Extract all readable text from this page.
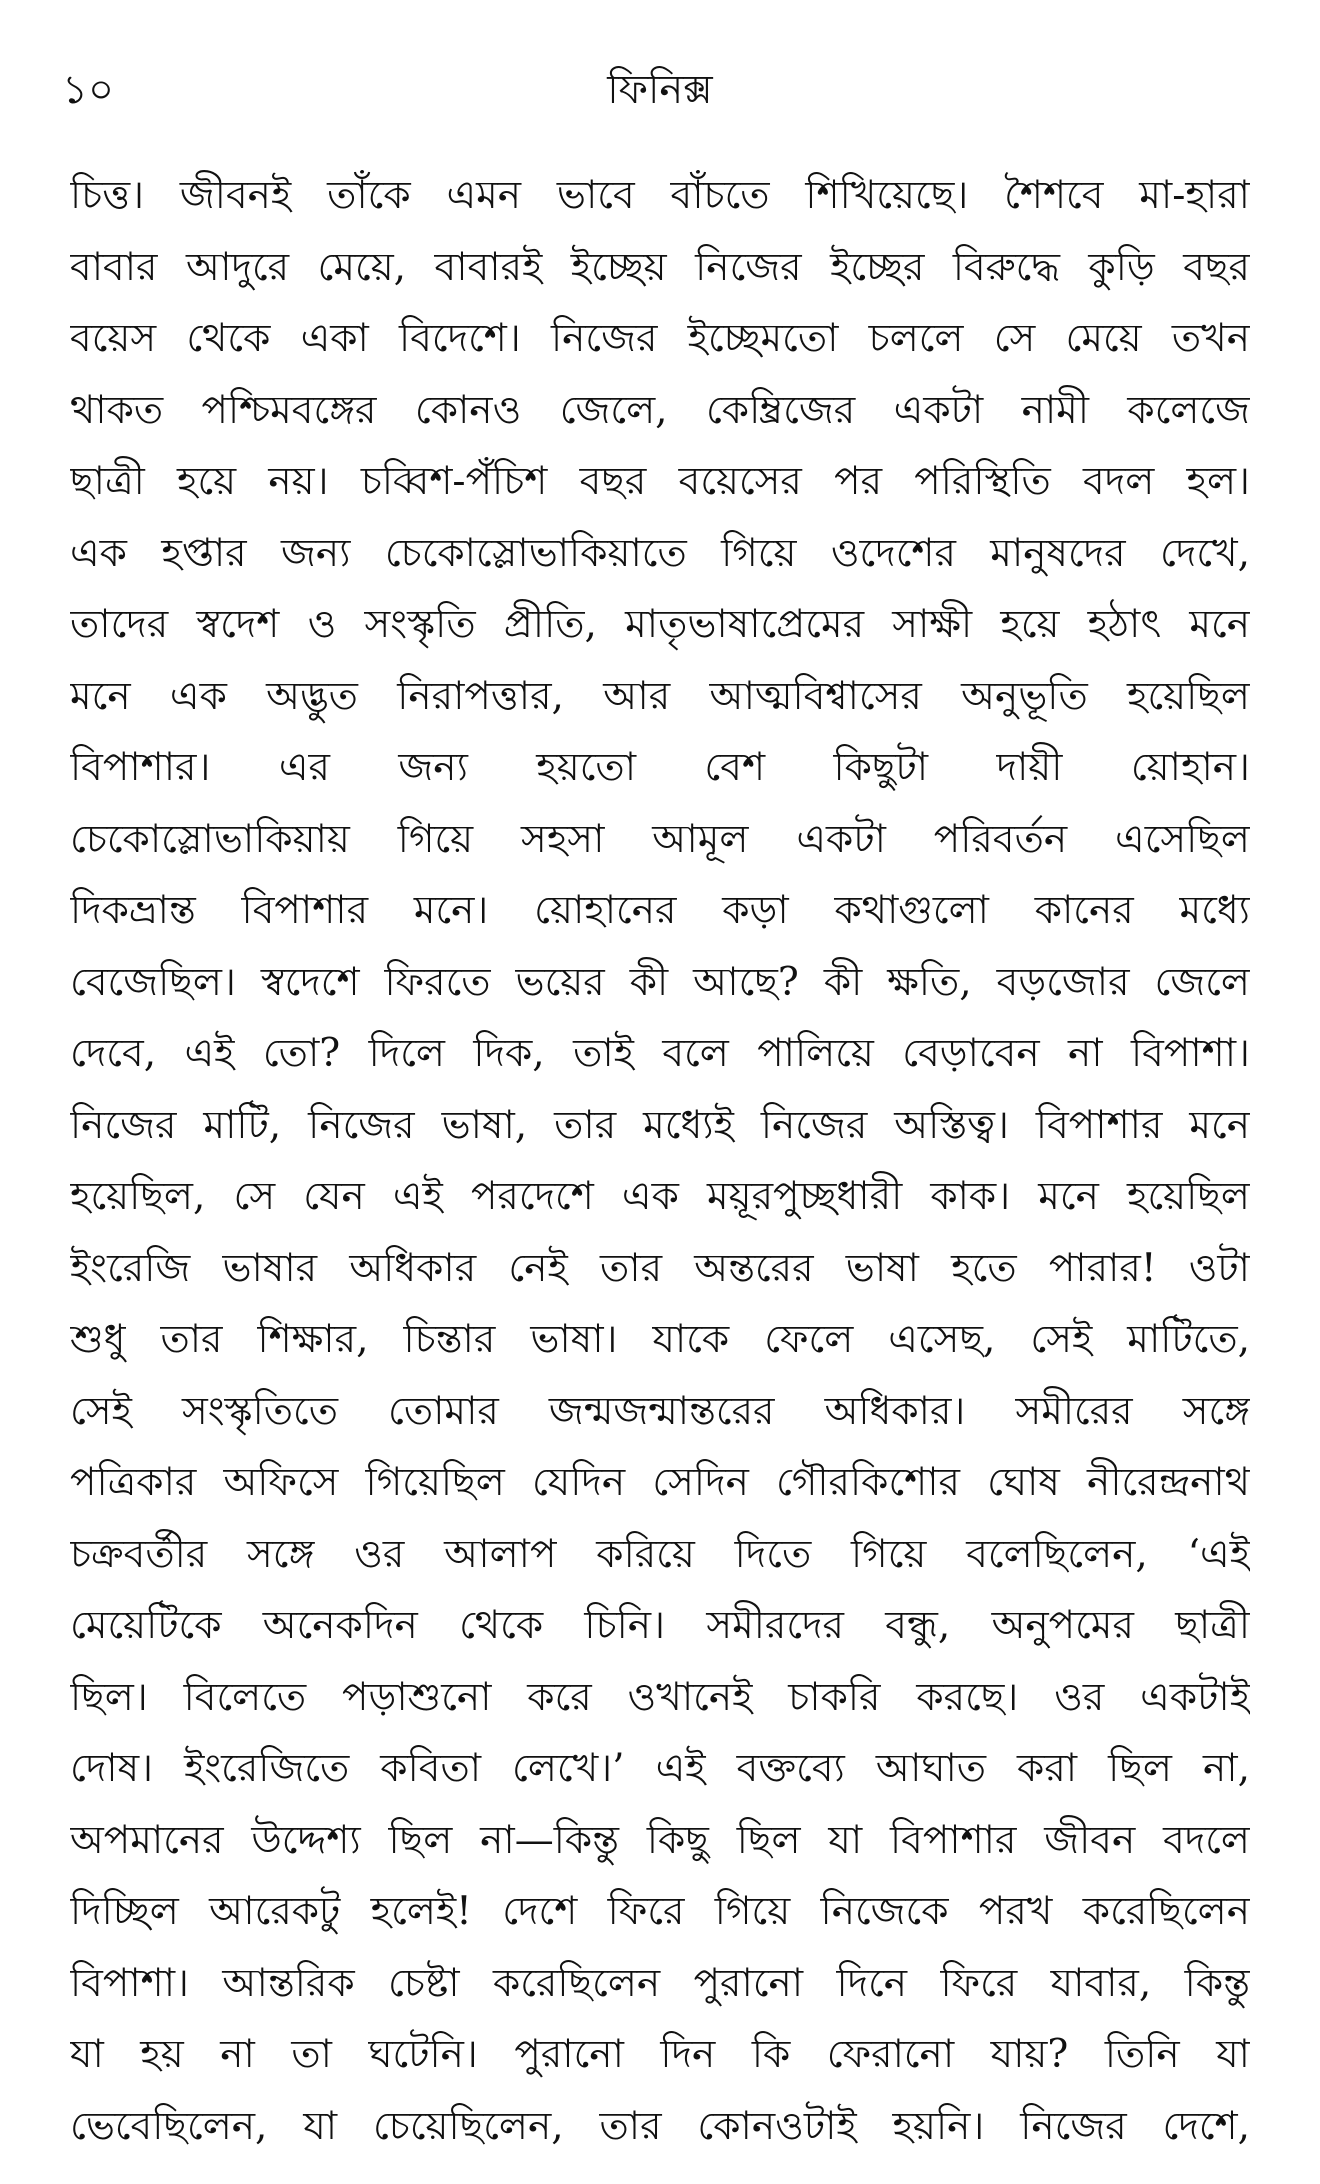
১০	ফিনিক্স

চিত্ত। জীবনই তাঁকে এমন ভাবে বাঁচতে শিখিয়েছে। শৈশবে মা-হারা
বাবার আদুরে মেয়ে, বাবারই ইচ্ছেয় নিজের ইচ্ছের বিরুদ্ধে কুড়ি বছর
বয়েস থেকে একা বিদেশে। নিজের ইচ্ছেমতো চললে সে মেয়ে তখন
থাকত পশ্চিমবঙ্গের কোনও জেলে, কেম্ব্রিজের একটা নামী কলেজে
ছাত্রী হয়ে নয়। চব্বিশ-পঁচিশ বছর বয়েসের পর পরিস্থিতি বদল হল।
এক হপ্তার জন্য চেকোস্লোভাকিয়াতে গিয়ে ওদেশের মানুষদের দেখে,
তাদের স্বদেশ ও সংস্কৃতি প্রীতি, মাতৃভাষাপ্রেমের সাক্ষী হয়ে হঠাৎ মনে
মনে এক অদ্ভুত নিরাপত্তার, আর আত্মবিশ্বাসের অনুভূতি হয়েছিল
বিপাশার। এর জন্য হয়তো বেশ কিছুটা দায়ী য়োহান।
চেকোস্লোভাকিয়ায় গিয়ে সহসা আমূল একটা পরিবর্তন এসেছিল
দিকভ্রান্ত বিপাশার মনে। য়োহানের কড়া কথাগুলো কানের মধ্যে
বেজেছিল। স্বদেশে ফিরতে ভয়ের কী আছে? কী ক্ষতি, বড়জোর জেলে
দেবে, এই তো? দিলে দিক, তাই বলে পালিয়ে বেড়াবেন না বিপাশা।
নিজের মাটি, নিজের ভাষা, তার মধ্যেই নিজের অস্তিত্ব। বিপাশার মনে
হয়েছিল, সে যেন এই পরদেশে এক ময়ূরপুচ্ছধারী কাক। মনে হয়েছিল
ইংরেজি ভাষার অধিকার নেই তার অন্তরের ভাষা হতে পারার! ওটা
শুধু তার শিক্ষার, চিন্তার ভাষা। যাকে ফেলে এসেছ, সেই মাটিতে,
সেই সংস্কৃতিতে তোমার জন্মজন্মান্তরের অধিকার। সমীরের সঙ্গে
পত্রিকার অফিসে গিয়েছিল যেদিন সেদিন গৌরকিশোর ঘোষ নীরেন্দ্রনাথ
চক্রবর্তীর সঙ্গে ওর আলাপ করিয়ে দিতে গিয়ে বলেছিলেন, ‘এই
মেয়েটিকে অনেকদিন থেকে চিনি। সমীরদের বন্ধু, অনুপমের ছাত্রী
ছিল। বিলেতে পড়াশুনো করে ওখানেই চাকরি করছে। ওর একটাই
দোষ। ইংরেজিতে কবিতা লেখে।’ এই বক্তব্যে আঘাত করা ছিল না,
অপমানের উদ্দেশ্য ছিল না—কিন্তু কিছু ছিল যা বিপাশার জীবন বদলে
দিচ্ছিল আরেকটু হলেই! দেশে ফিরে গিয়ে নিজেকে পরখ করেছিলেন
বিপাশা। আন্তরিক চেষ্টা করেছিলেন পুরানো দিনে ফিরে যাবার, কিন্তু
যা হয় না তা ঘটেনি। পুরানো দিন কি ফেরানো যায়? তিনি যা
ভেবেছিলেন, যা চেয়েছিলেন, তার কোনওটাই হয়নি। নিজের দেশে,
